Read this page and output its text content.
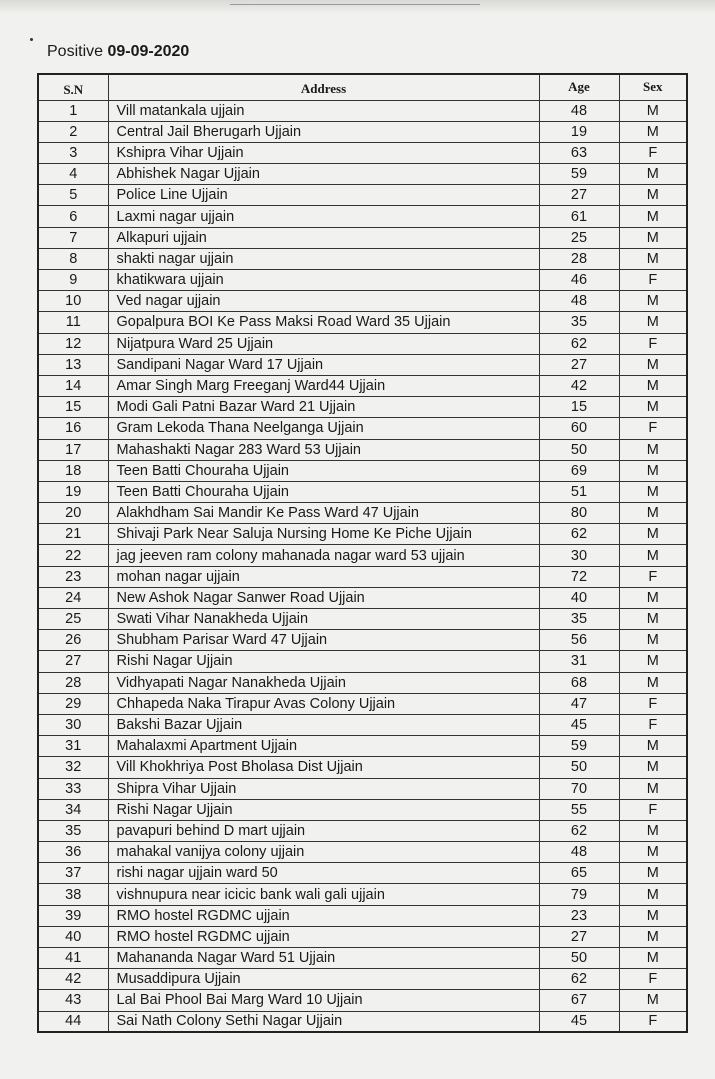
Positive 09-09-2020
S.N	Address	Age	Sex
1	Vill matankala ujjain	48	M
2	Central Jail Bherugarh Ujjain	19	M
3	Kshipra Vihar Ujjain	63	F
4	Abhishek Nagar Ujjain	59	M
5	Police Line Ujjain	27	M
6	Laxmi nagar ujjain	61	M
7	Alkapuri ujjain	25	M
8	shakti nagar ujjain	28	M
9	khatikwara ujjain	46	F
10	Ved nagar ujjain	48	M
11	Gopalpura BOI Ke Pass Maksi Road Ward 35 Ujjain	35	M
12	Nijatpura Ward 25 Ujjain	62	F
13	Sandipani Nagar Ward 17 Ujjain	27	M
14	Amar Singh Marg Freeganj Ward44 Ujjain	42	M
15	Modi Gali Patni Bazar Ward 21 Ujjain	15	M
16	Gram Lekoda Thana Neelganga Ujjain	60	F
17	Mahashakti Nagar 283 Ward 53 Ujjain	50	M
18	Teen Batti Chouraha Ujjain	69	M
19	Teen Batti Chouraha Ujjain	51	M
20	Alakhdham Sai Mandir Ke Pass Ward 47 Ujjain	80	M
21	Shivaji Park Near Saluja Nursing Home Ke Piche Ujjain	62	M
22	jag jeeven ram colony mahanada nagar ward 53 ujjain	30	M
23	mohan nagar ujjain	72	F
24	New Ashok Nagar Sanwer Road Ujjain	40	M
25	Swati Vihar Nanakheda Ujjain	35	M
26	Shubham Parisar Ward 47 Ujjain	56	M
27	Rishi Nagar Ujjain	31	M
28	Vidhyapati Nagar Nanakheda Ujjain	68	M
29	Chhapeda Naka Tirapur Avas Colony Ujjain	47	F
30	Bakshi Bazar Ujjain	45	F
31	Mahalaxmi Apartment Ujjain	59	M
32	Vill Khokhriya Post Bholasa Dist Ujjain	50	M
33	Shipra Vihar Ujjain	70	M
34	Rishi Nagar Ujjain	55	F
35	pavapuri behind D mart ujjain	62	M
36	mahakal vanijya colony ujjain	48	M
37	rishi nagar ujjain ward 50	65	M
38	vishnupura near icicic bank wali gali ujjain	79	M
39	RMO hostel RGDMC ujjain	23	M
40	RMO hostel RGDMC ujjain	27	M
41	Mahananda Nagar Ward 51 Ujjain	50	M
42	Musaddipura Ujjain	62	F
43	Lal Bai Phool Bai Marg Ward 10 Ujjain	67	M
44	Sai Nath Colony Sethi Nagar Ujjain	45	F
